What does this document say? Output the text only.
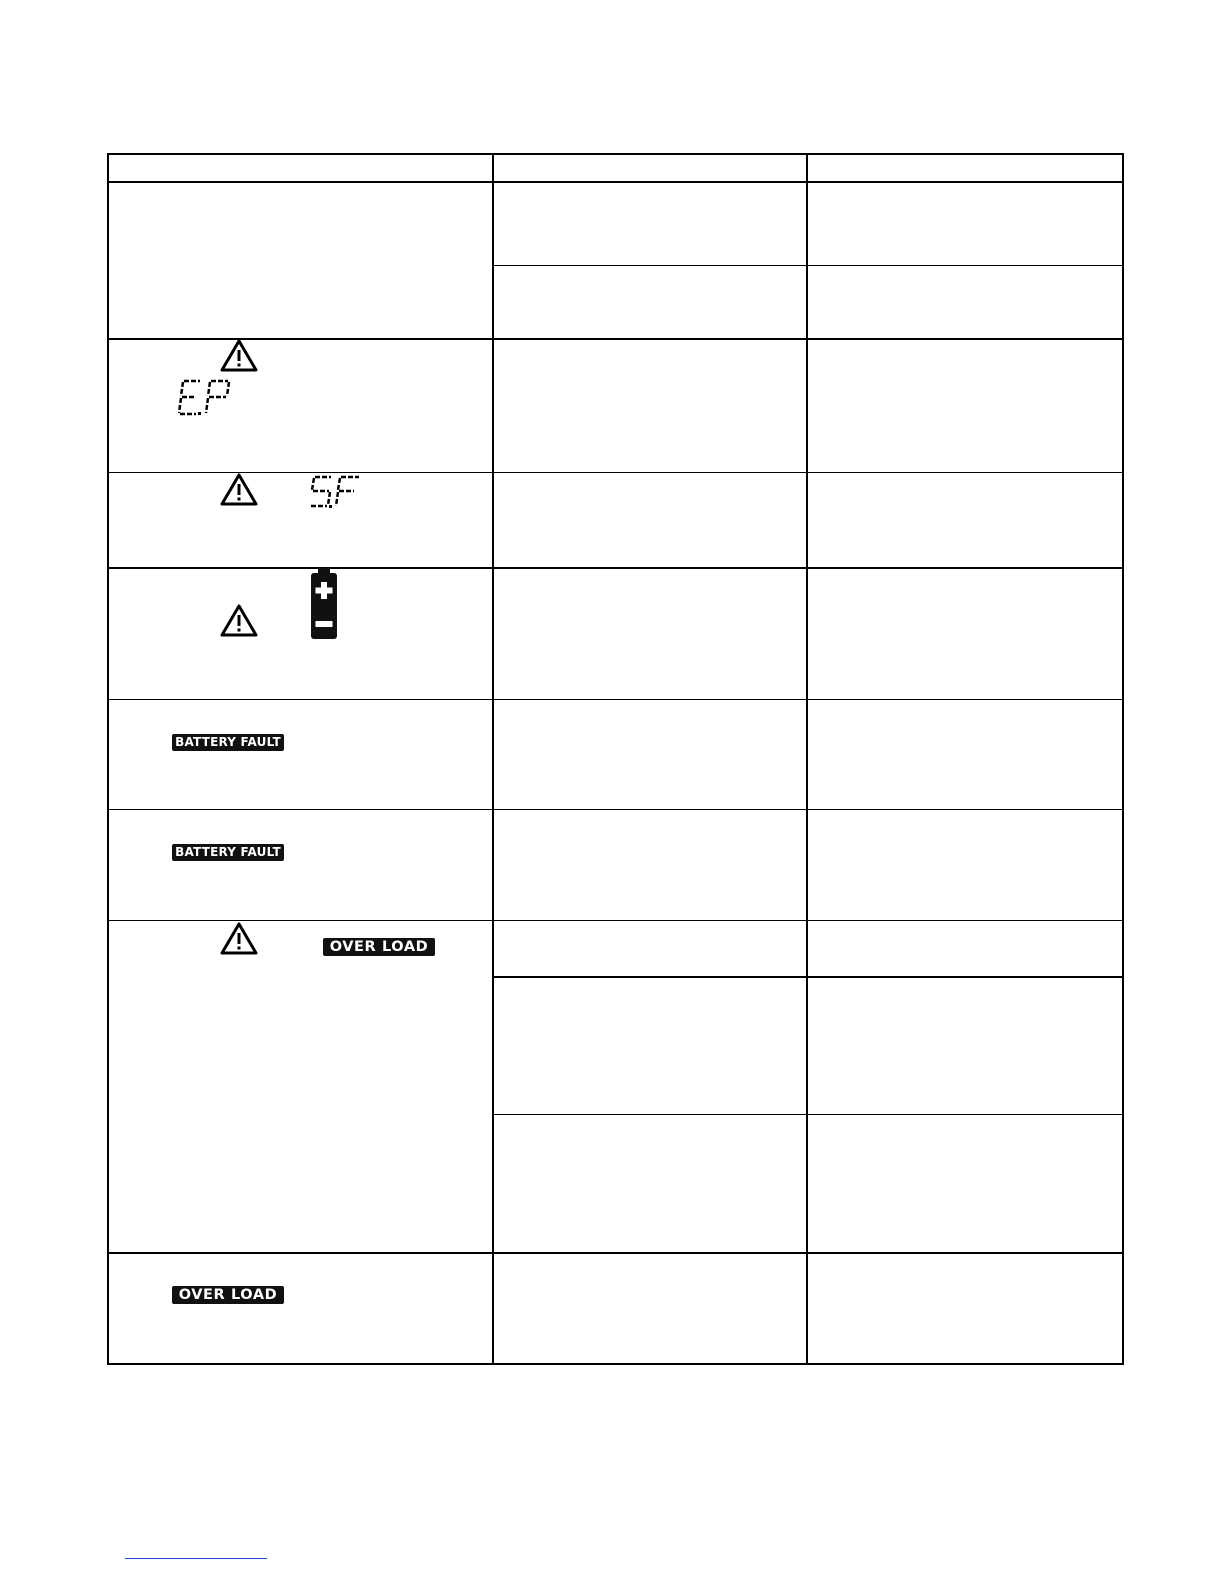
BATTERY FAULT
BATTERY FAULT
OVER LOAD
OVER LOAD
